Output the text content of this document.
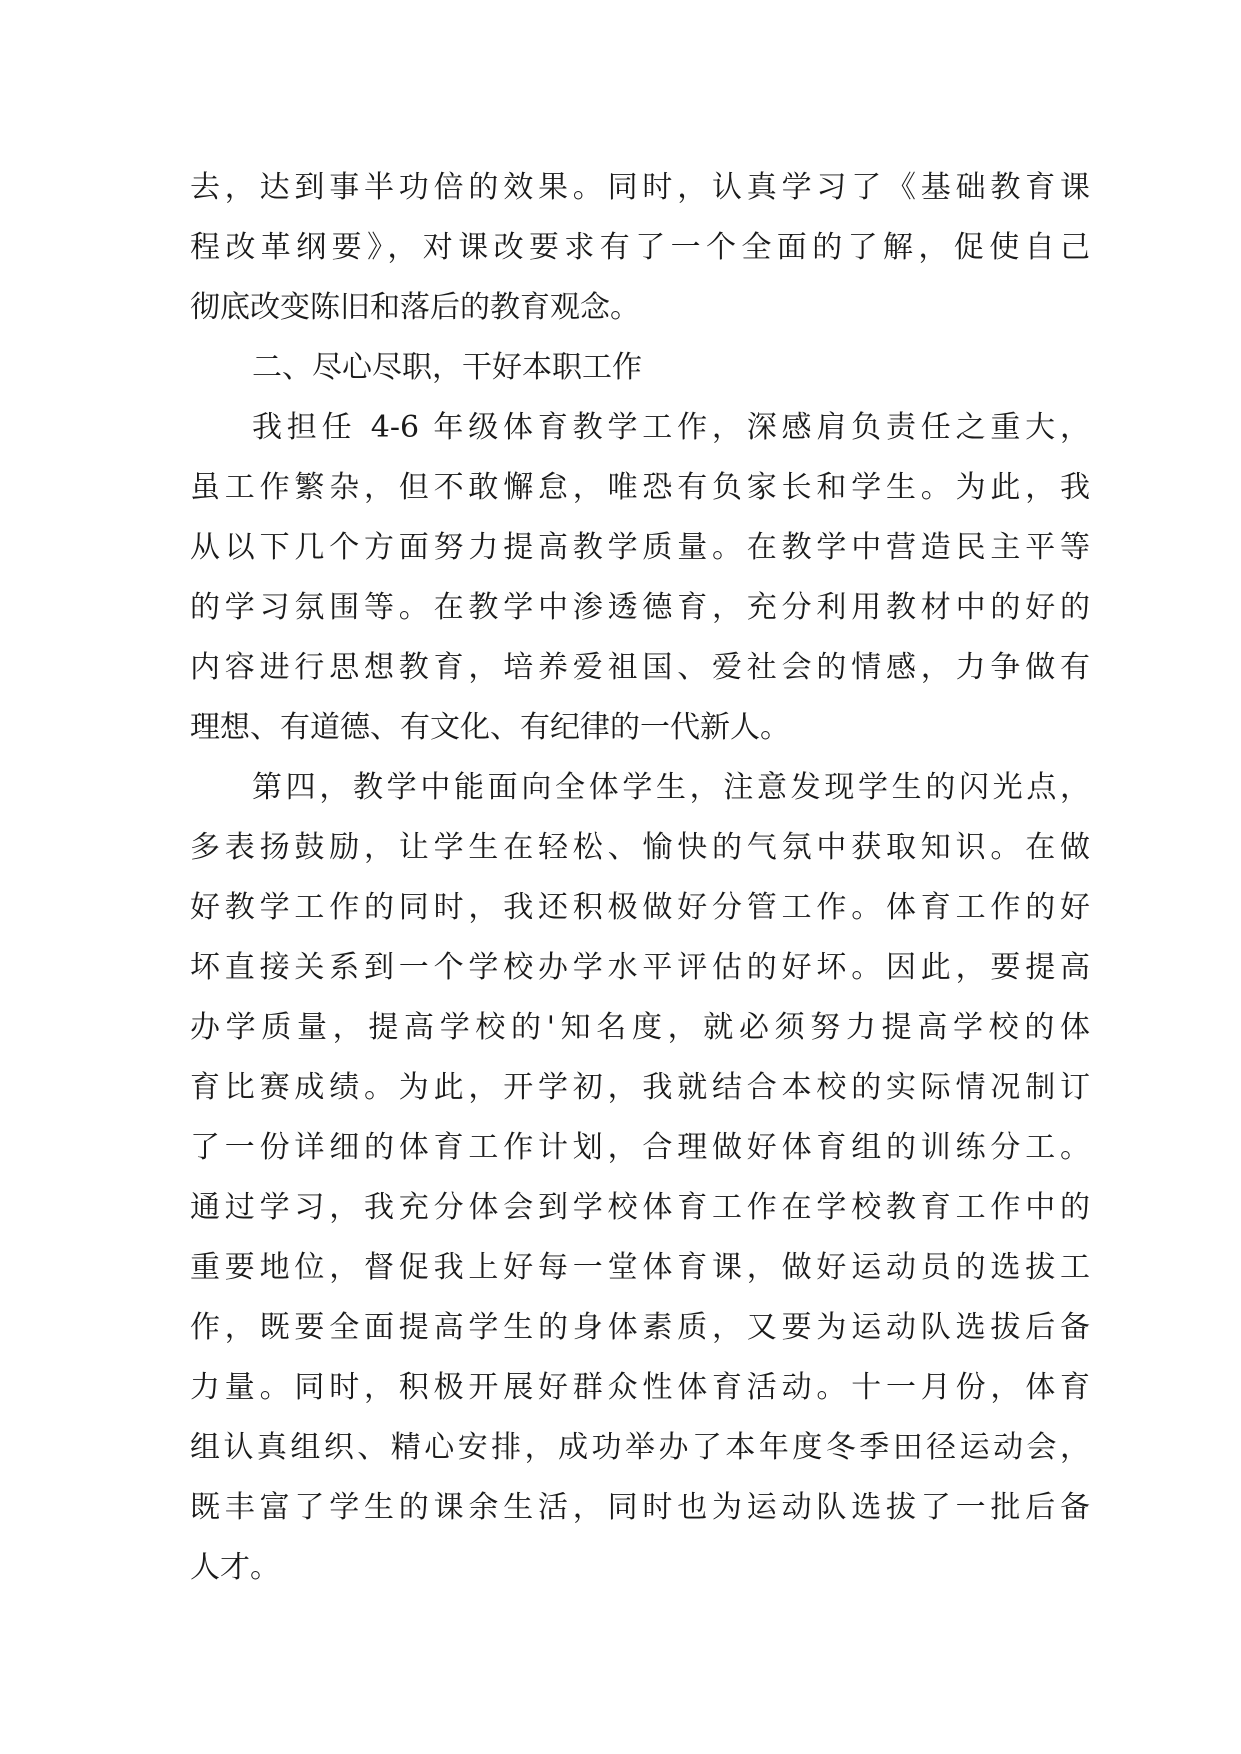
去，达到事半功倍的效果。同时，认真学习了《基础教育课

程改革纲要》，对课改要求有了一个全面的了解，促使自己

彻底改变陈旧和落后的教育观念。

二、尽心尽职，干好本职工作

我担任 4-6 年级体育教学工作，深感肩负责任之重大，

虽工作繁杂，但不敢懈怠，唯恐有负家长和学生。为此，我

从以下几个方面努力提高教学质量。在教学中营造民主平等

的学习氛围等。在教学中渗透德育，充分利用教材中的好的

内容进行思想教育，培养爱祖国、爱社会的情感，力争做有

理想、有道德、有文化、有纪律的一代新人。

第四，教学中能面向全体学生，注意发现学生的闪光点，

多表扬鼓励，让学生在轻松、愉快的气氛中获取知识。在做

好教学工作的同时，我还积极做好分管工作。体育工作的好

坏直接关系到一个学校办学水平评估的好坏。因此，要提高

办学质量，提高学校的'知名度，就必须努力提高学校的体

育比赛成绩。为此，开学初，我就结合本校的实际情况制订

了一份详细的体育工作计划，合理做好体育组的训练分工。

通过学习，我充分体会到学校体育工作在学校教育工作中的

重要地位，督促我上好每一堂体育课，做好运动员的选拔工

作，既要全面提高学生的身体素质，又要为运动队选拔后备

力量。同时，积极开展好群众性体育活动。十一月份，体育

组认真组织、精心安排，成功举办了本年度冬季田径运动会，

既丰富了学生的课余生活，同时也为运动队选拔了一批后备

人才。
